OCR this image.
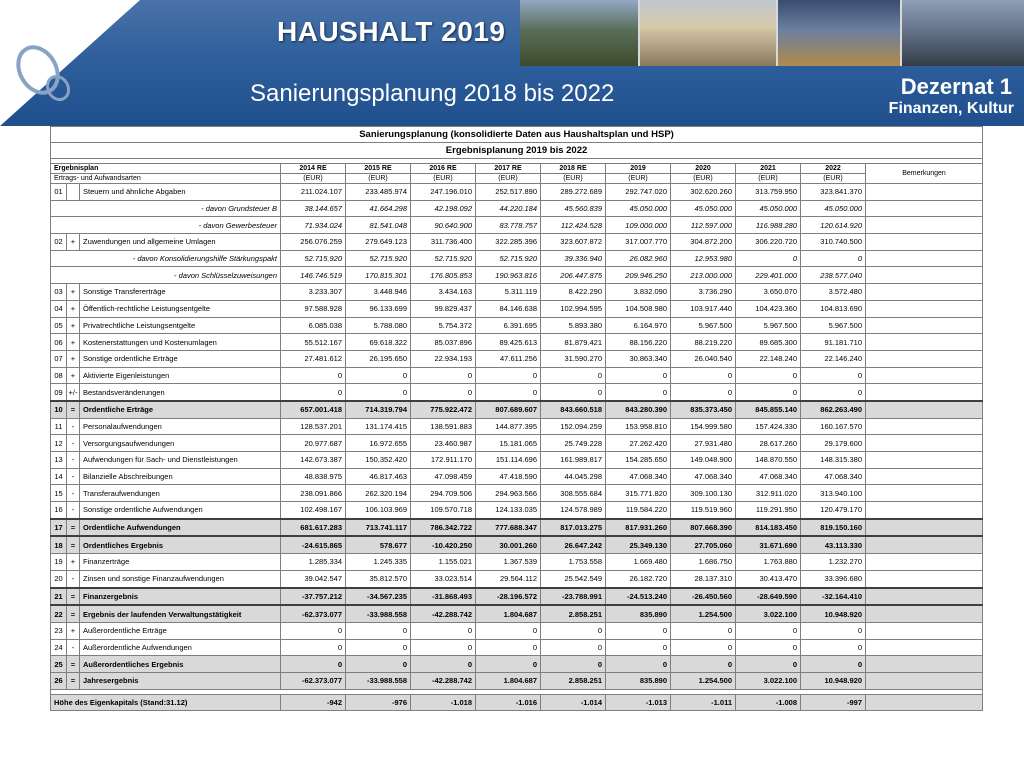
HAUSHALT 2019
Sanierungsplanung 2018 bis 2022	Dezernat 1
Finanzen, Kultur
Sanierungsplanung (konsolidierte Daten aus Haushaltsplan und HSP)												
Ergebnisplanung 2019 bis 2022												

Ergebnisplan			2014 RE	2015 RE	2016 RE	2017 RE	2018 RE	2019	2020	2021	2022	Bemerkungen
Ertrags- und Aufwandsarten			(EUR)	(EUR)	(EUR)	(EUR)	(EUR)	(EUR)	(EUR)	(EUR)	(EUR)	
01		Steuern und ähnliche Abgaben	211.024.107	233.485.974	247.196.010	252.517.890	289.272.689	292.747.020	302.620.260	313.759.950	323.841.370	
- davon Grundsteuer B			38.144.657	41.664.298	42.198.092	44.220.184	45.560.839	45.050.000	45.050.000	45.050.000	45.050.000	
- davon Gewerbesteuer			71.934.024	81.541.048	90.640.900	83.778.757	112.424.528	109.000.000	112.597.000	116.988.280	120.614.920	
02	+	Zuwendungen und allgemeine Umlagen	256.076.259	279.649.123	311.736.400	322.285.396	323.607.872	317.007.770	304.872.200	306.220.720	310.740.500	
- davon Konsolidierungshilfe Stärkungspakt			52.715.920	52.715.920	52.715.920	52.715.920	39.336.940	26.082.960	12.953.980	0	0	
- davon Schlüsselzuweisungen			146.746.519	170.815.301	176.805.853	190.963.816	206.447.875	209.946.250	213.000.000	229.401.000	238.577.040	
03	+	Sonstige Transfererträge	3.233.307	3.448.946	3.434.163	5.311.119	8.422.290	3.832.090	3.736.290	3.650.070	3.572.480	
04	+	Öffentlich-rechtliche Leistungsentgelte	97.588.928	96.133.699	99.829.437	84.146.638	102.994.595	104.508.980	103.917.440	104.423.360	104.813.690	
05	+	Privatrechtliche Leistungsentgelte	6.085.038	5.788.080	5.754.372	6.391.695	5.893.380	6.164.970	5.967.500	5.967.500	5.967.500	
06	+	Kostenerstattungen und Kostenumlagen	55.512.167	69.618.322	85.037.896	89.425.613	81.879.421	88.156.220	88.219.220	89.685.300	91.181.710	
07	+	Sonstige ordentliche Erträge	27.481.612	26.195.650	22.934.193	47.611.256	31.590.270	30.863.340	26.040.540	22.148.240	22.146.240	
08	+	Aktivierte Eigenleistungen	0	0	0	0	0	0	0	0	0	
09	+/-	Bestandsveränderungen	0	0	0	0	0	0	0	0	0	
10	=	Ordentliche Erträge	657.001.418	714.319.794	775.922.472	807.689.607	843.660.518	843.280.390	835.373.450	845.855.140	862.263.490	
11	-	Personalaufwendungen	128.537.201	131.174.415	138.591.883	144.877.395	152.094.259	153.958.810	154.999.580	157.424.330	160.167.570	
12	-	Versorgungsaufwendungen	20.977.687	16.972.655	23.460.987	15.181.065	25.749.228	27.262.420	27.931.480	28.617.260	29.179.600	
13	-	Aufwendungen für Sach- und Dienstleistungen	142.673.387	150.352.420	172.911.170	151.114.696	161.989.817	154.285.650	149.048.900	148.870.550	148.315.380	
14	-	Bilanzielle Abschreibungen	48.838.975	46.817.463	47.098.459	47.418.590	44.045.298	47.068.340	47.068.340	47.068.340	47.068.340	
15	-	Transferaufwendungen	238.091.866	262.320.194	294.709.506	294.963.566	308.555.684	315.771.820	309.100.130	312.911.020	313.940.100	
16	-	Sonstige ordentliche Aufwendungen	102.498.167	106.103.969	109.570.718	124.133.035	124.578.989	119.584.220	119.519.960	119.291.950	120.479.170	
17	=	Ordentliche Aufwendungen	681.617.283	713.741.117	786.342.722	777.688.347	817.013.275	817.931.260	807.668.390	814.183.450	819.150.160	
18	=	Ordentliches Ergebnis	-24.615.865	578.677	-10.420.250	30.001.260	26.647.242	25.349.130	27.705.060	31.671.690	43.113.330	
19	+	Finanzerträge	1.285.334	1.245.335	1.155.021	1.367.539	1.753.558	1.669.480	1.686.750	1.763.880	1.232.270	
20	-	Zinsen und sonstige Finanzaufwendungen	39.042.547	35.812.570	33.023.514	29.564.112	25.542.549	26.182.720	28.137.310	30.413.470	33.396.680	
21	=	Finanzergebnis	-37.757.212	-34.567.235	-31.868.493	-28.196.572	-23.788.991	-24.513.240	-26.450.560	-28.649.590	-32.164.410	
22	=	Ergebnis der laufenden Verwaltungstätigkeit	-62.373.077	-33.988.558	-42.288.742	1.804.687	2.858.251	835.890	1.254.500	3.022.100	10.948.920	
23	+	Außerordentliche Erträge	0	0	0	0	0	0	0	0	0	
24	-	Außerordentliche Aufwendungen	0	0	0	0	0	0	0	0	0	
25	=	Außerordentliches Ergebnis	0	0	0	0	0	0	0	0	0	
26	=	Jahresergebnis	-62.373.077	-33.988.558	-42.288.742	1.804.687	2.858.251	835.890	1.254.500	3.022.100	10.948.920	

Höhe des Eigenkapitals (Stand:31.12)			-942	-976	-1.018	-1.016	-1.014	-1.013	-1.011	-1.008	-997	
